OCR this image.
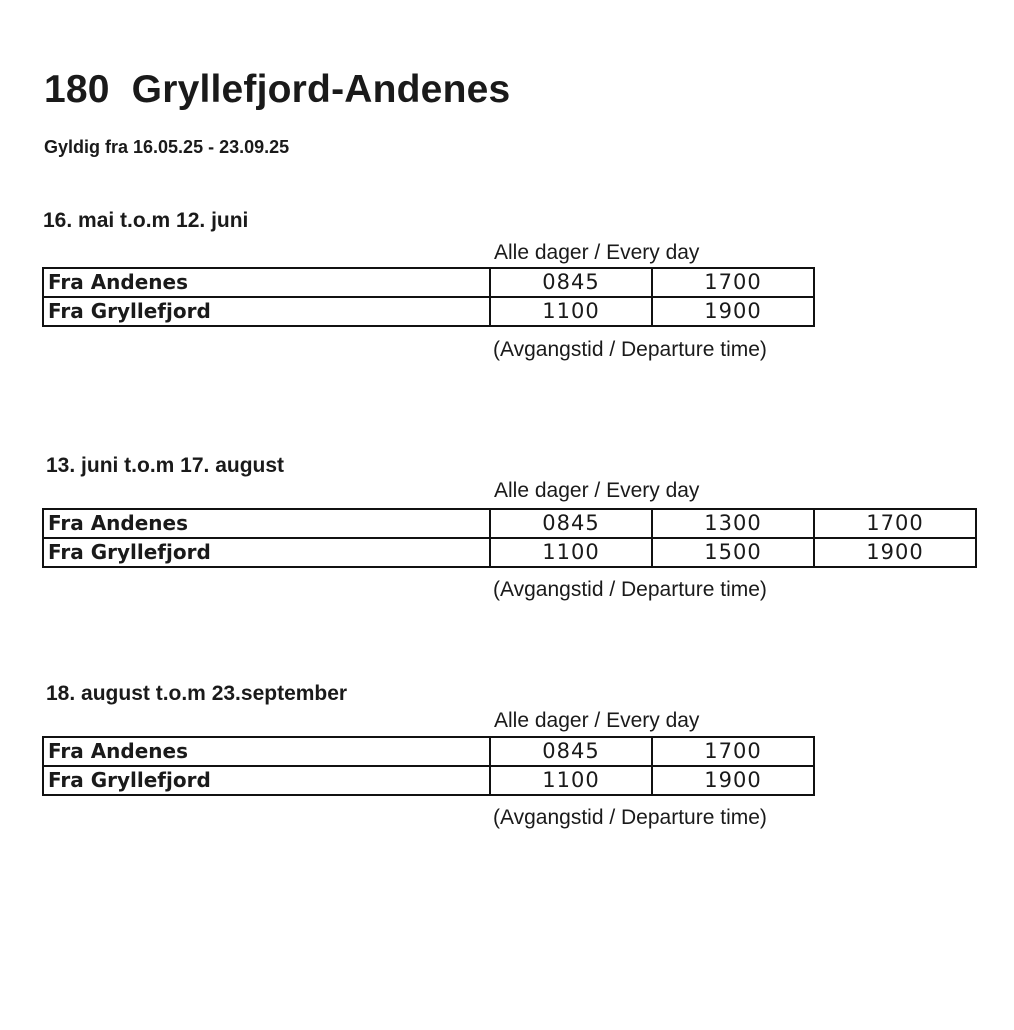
180 Gryllefjord-Andenes
Gyldig fra 16.05.25 - 23.09.25
16. mai t.o.m 12. juni
Alle dager / Every day
Fra Andenes	0845	1700
Fra Gryllefjord	1100	1900
(Avgangstid / Departure time)
13. juni t.o.m 17. august
Alle dager / Every day
Fra Andenes	0845	1300	1700
Fra Gryllefjord	1100	1500	1900
(Avgangstid / Departure time)
18. august t.o.m 23.september
Alle dager / Every day
Fra Andenes	0845	1700
Fra Gryllefjord	1100	1900
(Avgangstid / Departure time)
